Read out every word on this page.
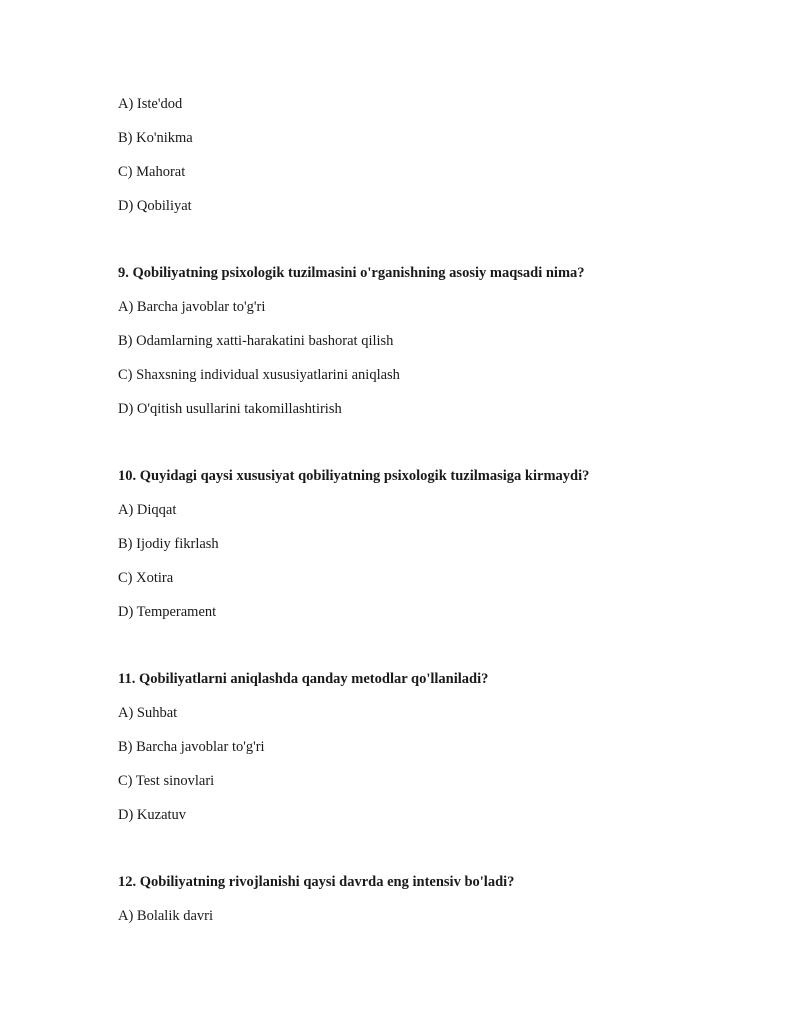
A) Iste'dod
B) Ko'nikma
C) Mahorat
D) Qobiliyat
9. Qobiliyatning psixologik tuzilmasini o'rganishning asosiy maqsadi nima?
A) Barcha javoblar to'g'ri
B) Odamlarning xatti-harakatini bashorat qilish
C) Shaxsning individual xususiyatlarini aniqlash
D) O'qitish usullarini takomillashtirish
10. Quyidagi qaysi xususiyat qobiliyatning psixologik tuzilmasiga kirmaydi?
A) Diqqat
B) Ijodiy fikrlash
C) Xotira
D) Temperament
11. Qobiliyatlarni aniqlashda qanday metodlar qo'llaniladi?
A) Suhbat
B) Barcha javoblar to'g'ri
C) Test sinovlari
D) Kuzatuv
12. Qobiliyatning rivojlanishi qaysi davrda eng intensiv bo'ladi?
A) Bolalik davri
